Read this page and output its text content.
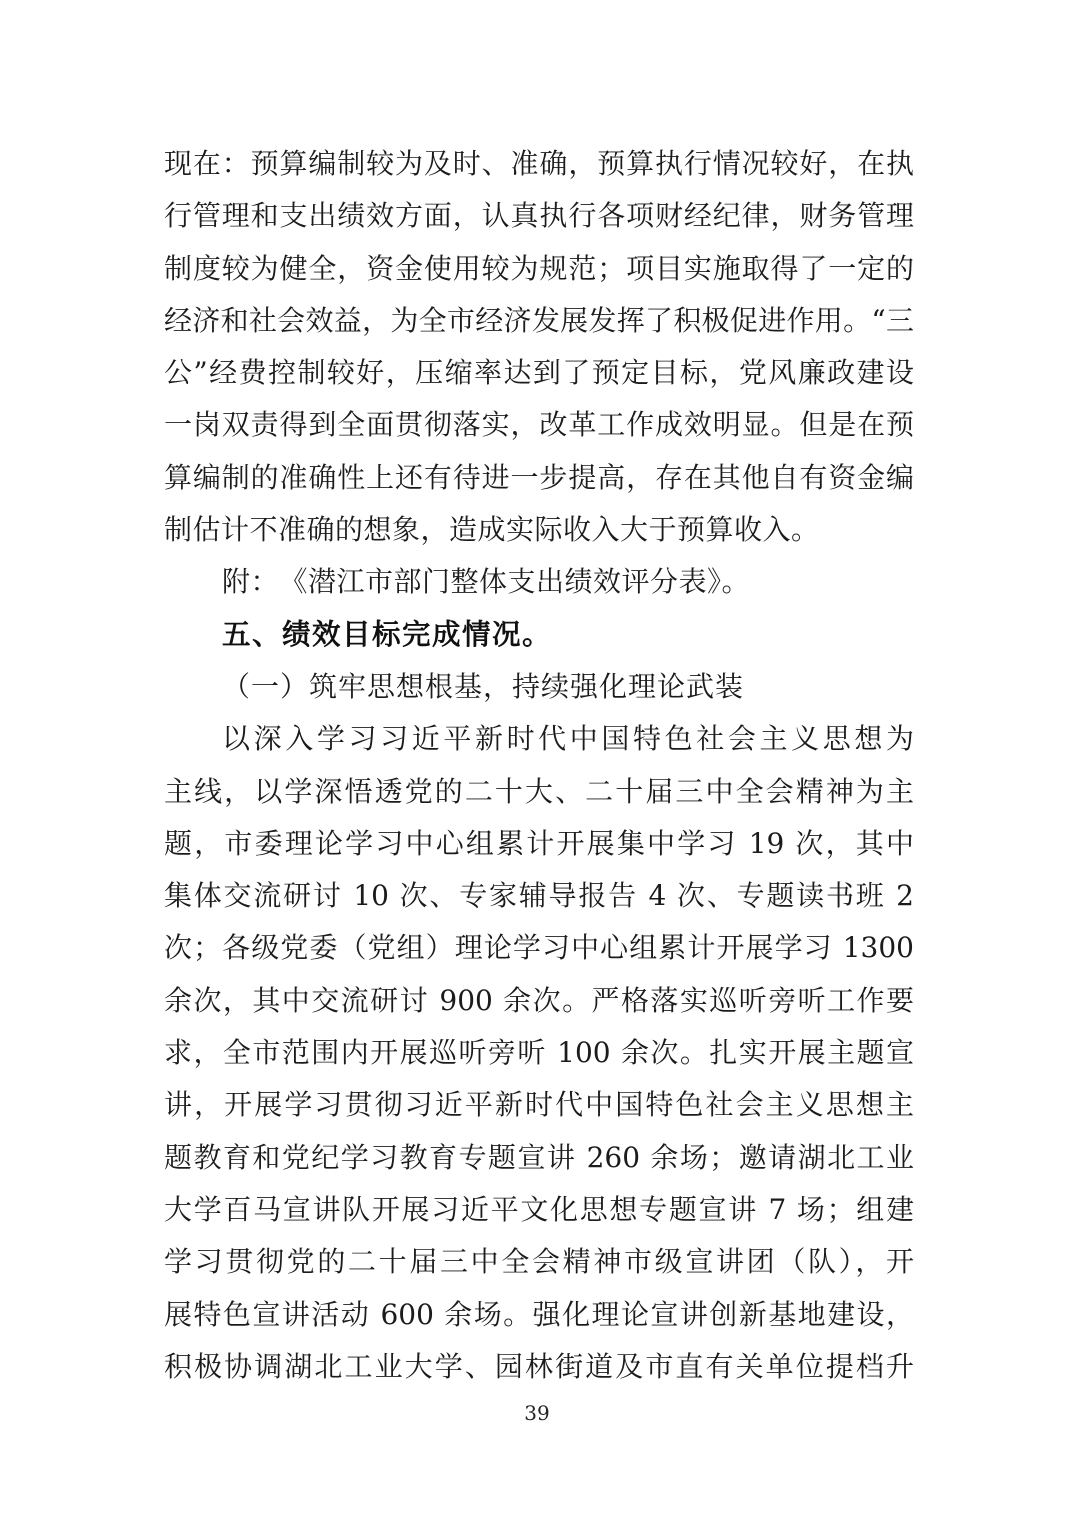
现在：预算编制较为及时、准确，预算执行情况较好，在执
行管理和支出绩效方面，认真执行各项财经纪律，财务管理
制度较为健全，资金使用较为规范；项目实施取得了一定的
经济和社会效益，为全市经济发展发挥了积极促进作用。“三
公”经费控制较好，压缩率达到了预定目标，党风廉政建设
一岗双责得到全面贯彻落实，改革工作成效明显。但是在预
算编制的准确性上还有待进一步提高，存在其他自有资金编
制估计不准确的想象，造成实际收入大于预算收入。
附：　《潜江市部门整体支出绩效评分表》。
五、绩效目标完成情况。
（一）筑牢思想根基，持续强化理论武装
以深入学习习近平新时代中国特色社会主义思想为
主线，以学深悟透党的二十大、二十届三中全会精神为主
题，市委理论学习中心组累计开展集中学习 19 次，其中
集体交流研讨 10 次、专家辅导报告 4 次、专题读书班 2
次；各级党委（党组）理论学习中心组累计开展学习 1300
余次，其中交流研讨 900 余次。严格落实巡听旁听工作要
求，全市范围内开展巡听旁听 100 余次。扎实开展主题宣
讲，开展学习贯彻习近平新时代中国特色社会主义思想主
题教育和党纪学习教育专题宣讲 260 余场；邀请湖北工业
大学百马宣讲队开展习近平文化思想专题宣讲 7 场；组建
学习贯彻党的二十届三中全会精神市级宣讲团（队），开
展特色宣讲活动 600 余场。强化理论宣讲创新基地建设，
积极协调湖北工业大学、园林街道及市直有关单位提档升
39
